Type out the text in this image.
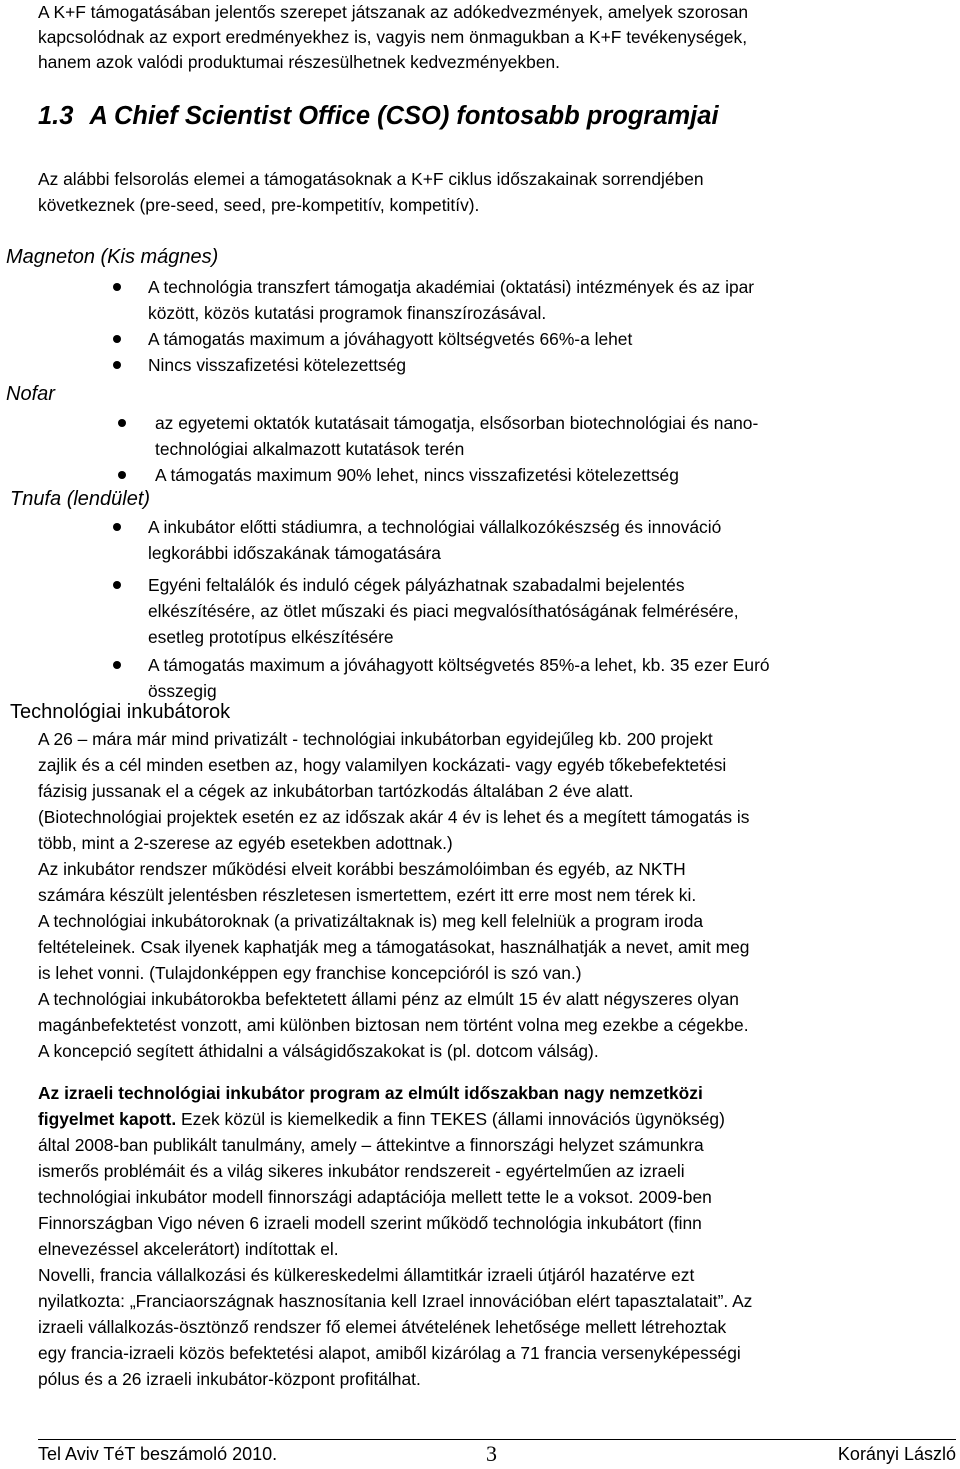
A K+F támogatásában jelentős szerepet játszanak az adókedvezmények, amelyek szorosan
kapcsolódnak az export eredményekhez is, vagyis nem önmagukban a K+F tevékenységek,
hanem azok valódi produktumai részesülhetnek kedvezményekben.

1.3 A Chief Scientist Office (CSO) fontosabb programjai

Az alábbi felsorolás elemei a támogatásoknak a K+F ciklus időszakainak sorrendjében
következnek (pre-seed, seed, pre-kompetitív, kompetitív).

Magneton (Kis mágnes)
A technológia transzfert támogatja akadémiai (oktatási) intézmények és az ipar
között, közös kutatási programok finanszírozásával.
A támogatás maximum a jóváhagyott költségvetés 66%-a lehet
Nincs visszafizetési kötelezettség
Nofar
az egyetemi oktatók kutatásait támogatja, elsősorban biotechnológiai és nano-
technológiai alkalmazott kutatások terén
A támogatás maximum 90% lehet, nincs visszafizetési kötelezettség
Tnufa (lendület)
A inkubátor előtti stádiumra, a technológiai vállalkozókészség és innováció
legkorábbi időszakának támogatására
Egyéni feltalálók és induló cégek pályázhatnak szabadalmi bejelentés
elkészítésére, az ötlet műszaki és piaci megvalósíthatóságának felmérésére,
esetleg prototípus elkészítésére
A támogatás maximum a jóváhagyott költségvetés 85%-a lehet, kb. 35 ezer Euró
összegig
Technológiai inkubátorok

A 26 – mára már mind privatizált - technológiai inkubátorban egyidejűleg kb. 200 projekt
zajlik és a cél minden esetben az, hogy valamilyen kockázati- vagy egyéb tőkebefektetési
fázisig jussanak el a cégek az inkubátorban tartózkodás általában 2 éve alatt.
(Biotechnológiai projektek esetén ez az időszak akár 4 év is lehet és a megített támogatás is
több, mint a 2-szerese az egyéb esetekben adottnak.)
Az inkubátor rendszer működési elveit korábbi beszámolóimban és egyéb, az NKTH
számára készült jelentésben részletesen ismertettem, ezért itt erre most nem térek ki.
A technológiai inkubátoroknak (a privatizáltaknak is) meg kell felelniük a program iroda
feltételeinek. Csak ilyenek kaphatják meg a támogatásokat, használhatják a nevet, amit meg
is lehet vonni. (Tulajdonképpen egy franchise koncepcióról is szó van.)
A technológiai inkubátorokba befektetett állami pénz az elmúlt 15 év alatt négyszeres olyan
magánbefektetést vonzott, ami különben biztosan nem történt volna meg ezekbe a cégekbe.
A koncepció segített áthidalni a válságidőszakokat is (pl. dotcom válság).

Az izraeli technológiai inkubátor program az elmúlt időszakban nagy nemzetközi
figyelmet kapott. Ezek közül is kiemelkedik a finn TEKES (állami innovációs ügynökség)
által 2008-ban publikált tanulmány, amely – áttekintve a finnországi helyzet számunkra
ismerős problémáit és a világ sikeres inkubátor rendszereit - egyértelműen az izraeli
technológiai inkubátor modell finnországi adaptációja mellett tette le a voksot. 2009-ben
Finnországban Vigo néven 6 izraeli modell szerint működő technológia inkubátort (finn
elnevezéssel akcelerátort) indítottak el.
Novelli, francia vállalkozási és külkereskedelmi államtitkár izraeli útjáról hazatérve ezt
nyilatkozta: „Franciaországnak hasznosítania kell Izrael innovációban elért tapasztalatait”. Az
izraeli vállalkozás-ösztönző rendszer fő elemei átvételének lehetősége mellett létrehoztak
egy francia-izraeli közös befektetési alapot, amiből kizárólag a 71 francia versenyképességi
pólus és a 26 izraeli inkubátor-központ profitálhat.

Tel Aviv TéT beszámoló 2010.	3	Korányi László
